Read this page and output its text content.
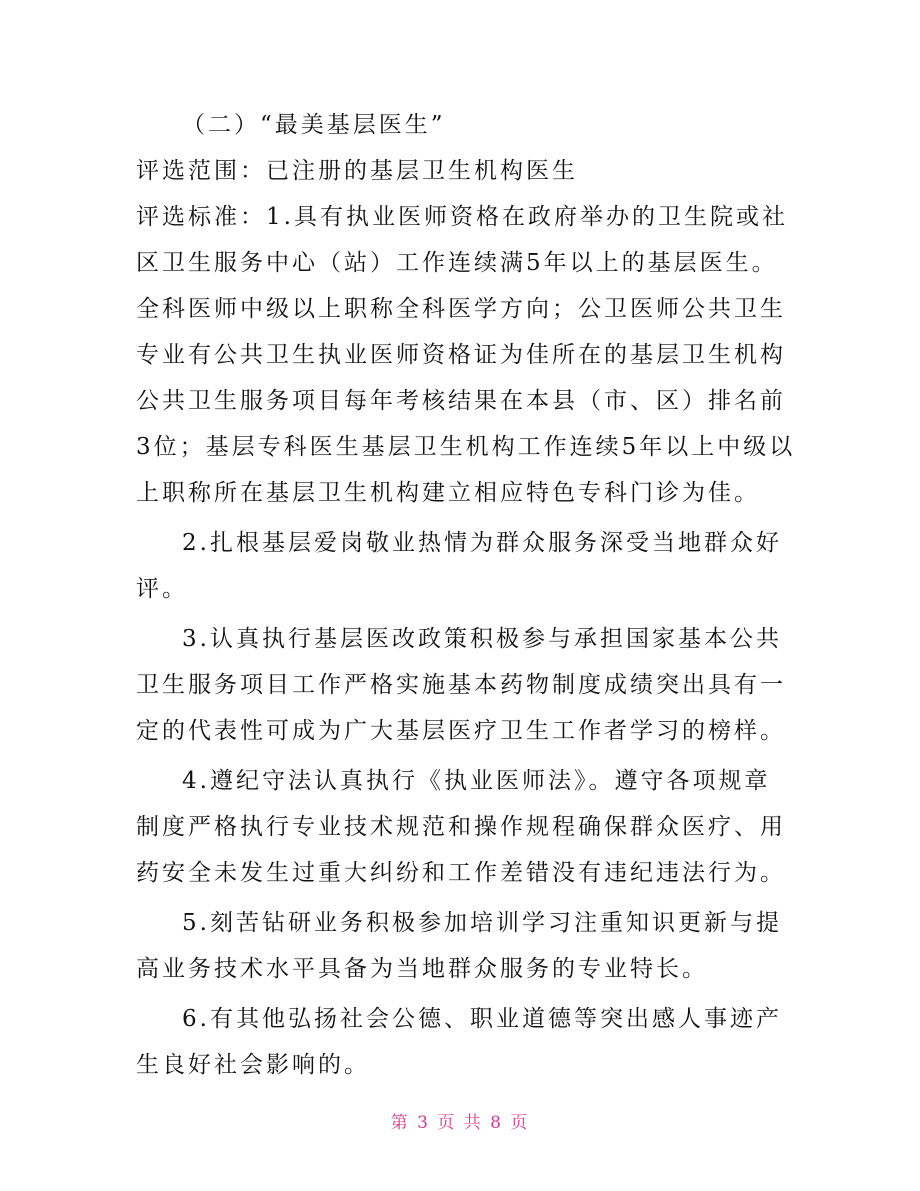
（二）“最美基层医生”

评选范围：已注册的基层卫生机构医生

评选标准：1.具有执业医师资格在政府举办的卫生院或社区卫生服务中心（站）工作连续满5年以上的基层医生。全科医师中级以上职称全科医学方向；公卫医师公共卫生专业有公共卫生执业医师资格证为佳所在的基层卫生机构公共卫生服务项目每年考核结果在本县（市、区）排名前3位；基层专科医生基层卫生机构工作连续5年以上中级以上职称所在基层卫生机构建立相应特色专科门诊为佳。

2.扎根基层爱岗敬业热情为群众服务深受当地群众好评。

3.认真执行基层医改政策积极参与承担国家基本公共卫生服务项目工作严格实施基本药物制度成绩突出具有一定的代表性可成为广大基层医疗卫生工作者学习的榜样。

4.遵纪守法认真执行《执业医师法》。遵守各项规章制度严格执行专业技术规范和操作规程确保群众医疗、用药安全未发生过重大纠纷和工作差错没有违纪违法行为。

5.刻苦钻研业务积极参加培训学习注重知识更新与提高业务技术水平具备为当地群众服务的专业特长。

6.有其他弘扬社会公德、职业道德等突出感人事迹产生良好社会影响的。

第 3 页 共 8 页
